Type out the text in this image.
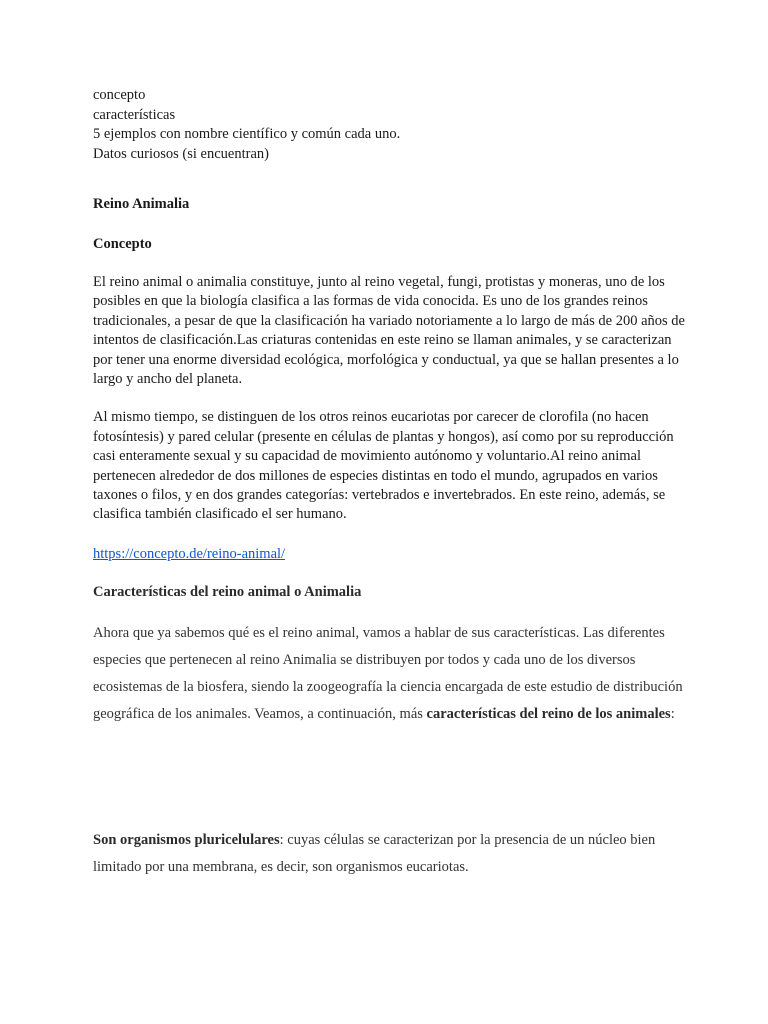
concepto
características
5 ejemplos con nombre científico y común cada uno.
Datos curiosos (si encuentran)
Reino Animalia
Concepto

El reino animal o animalia constituye, junto al reino vegetal, fungi, protistas y moneras, uno de los posibles en que la biología clasifica a las formas de vida conocida. Es uno de los grandes reinos tradicionales, a pesar de que la clasificación ha variado notoriamente a lo largo de más de 200 años de intentos de clasificación.Las criaturas contenidas en este reino se llaman animales, y se caracterizan por tener una enorme diversidad ecológica, morfológica y conductual, ya que se hallan presentes a lo largo y ancho del planeta.

Al mismo tiempo, se distinguen de los otros reinos eucariotas por carecer de clorofila (no hacen fotosíntesis) y pared celular (presente en células de plantas y hongos), así como por su reproducción casi enteramente sexual y su capacidad de movimiento autónomo y voluntario.Al reino animal pertenecen alrededor de dos millones de especies distintas en todo el mundo, agrupados en varios taxones o filos, y en dos grandes categorías: vertebrados e invertebrados. En este reino, además, se clasifica también clasificado el ser humano.

https://concepto.de/reino-animal/
Características del reino animal o Animalia

Ahora que ya sabemos qué es el reino animal, vamos a hablar de sus características. Las diferentes especies que pertenecen al reino Animalia se distribuyen por todos y cada uno de los diversos ecosistemas de la biosfera, siendo la zoogeografía la ciencia encargada de este estudio de distribución geográfica de los animales. Veamos, a continuación, más características del reino de los animales:

Son organismos pluricelulares: cuyas células se caracterizan por la presencia de un núcleo bien limitado por una membrana, es decir, son organismos eucariotas.
